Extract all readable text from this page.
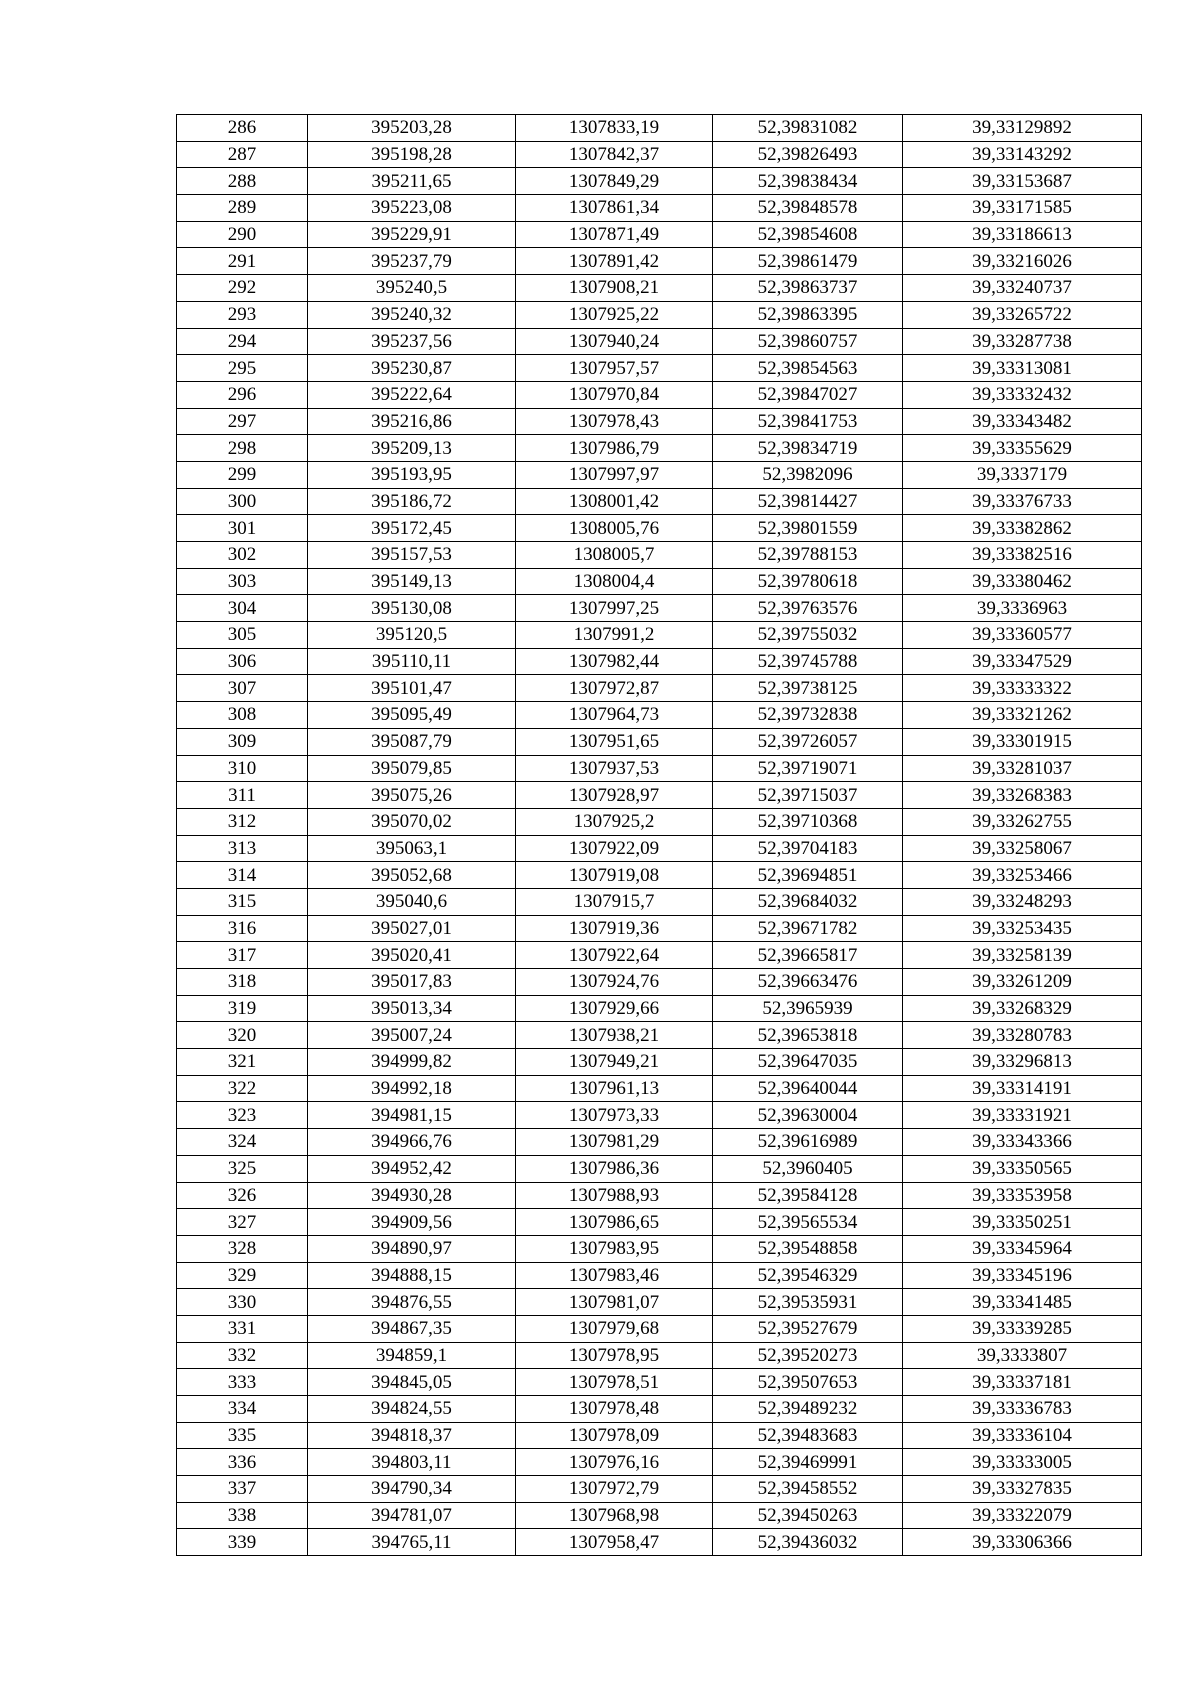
286	395203,28	1307833,19	52,39831082	39,33129892
287	395198,28	1307842,37	52,39826493	39,33143292
288	395211,65	1307849,29	52,39838434	39,33153687
289	395223,08	1307861,34	52,39848578	39,33171585
290	395229,91	1307871,49	52,39854608	39,33186613
291	395237,79	1307891,42	52,39861479	39,33216026
292	395240,5	1307908,21	52,39863737	39,33240737
293	395240,32	1307925,22	52,39863395	39,33265722
294	395237,56	1307940,24	52,39860757	39,33287738
295	395230,87	1307957,57	52,39854563	39,33313081
296	395222,64	1307970,84	52,39847027	39,33332432
297	395216,86	1307978,43	52,39841753	39,33343482
298	395209,13	1307986,79	52,39834719	39,33355629
299	395193,95	1307997,97	52,3982096	39,3337179
300	395186,72	1308001,42	52,39814427	39,33376733
301	395172,45	1308005,76	52,39801559	39,33382862
302	395157,53	1308005,7	52,39788153	39,33382516
303	395149,13	1308004,4	52,39780618	39,33380462
304	395130,08	1307997,25	52,39763576	39,3336963
305	395120,5	1307991,2	52,39755032	39,33360577
306	395110,11	1307982,44	52,39745788	39,33347529
307	395101,47	1307972,87	52,39738125	39,33333322
308	395095,49	1307964,73	52,39732838	39,33321262
309	395087,79	1307951,65	52,39726057	39,33301915
310	395079,85	1307937,53	52,39719071	39,33281037
311	395075,26	1307928,97	52,39715037	39,33268383
312	395070,02	1307925,2	52,39710368	39,33262755
313	395063,1	1307922,09	52,39704183	39,33258067
314	395052,68	1307919,08	52,39694851	39,33253466
315	395040,6	1307915,7	52,39684032	39,33248293
316	395027,01	1307919,36	52,39671782	39,33253435
317	395020,41	1307922,64	52,39665817	39,33258139
318	395017,83	1307924,76	52,39663476	39,33261209
319	395013,34	1307929,66	52,3965939	39,33268329
320	395007,24	1307938,21	52,39653818	39,33280783
321	394999,82	1307949,21	52,39647035	39,33296813
322	394992,18	1307961,13	52,39640044	39,33314191
323	394981,15	1307973,33	52,39630004	39,33331921
324	394966,76	1307981,29	52,39616989	39,33343366
325	394952,42	1307986,36	52,3960405	39,33350565
326	394930,28	1307988,93	52,39584128	39,33353958
327	394909,56	1307986,65	52,39565534	39,33350251
328	394890,97	1307983,95	52,39548858	39,33345964
329	394888,15	1307983,46	52,39546329	39,33345196
330	394876,55	1307981,07	52,39535931	39,33341485
331	394867,35	1307979,68	52,39527679	39,33339285
332	394859,1	1307978,95	52,39520273	39,3333807
333	394845,05	1307978,51	52,39507653	39,33337181
334	394824,55	1307978,48	52,39489232	39,33336783
335	394818,37	1307978,09	52,39483683	39,33336104
336	394803,11	1307976,16	52,39469991	39,33333005
337	394790,34	1307972,79	52,39458552	39,33327835
338	394781,07	1307968,98	52,39450263	39,33322079
339	394765,11	1307958,47	52,39436032	39,33306366
